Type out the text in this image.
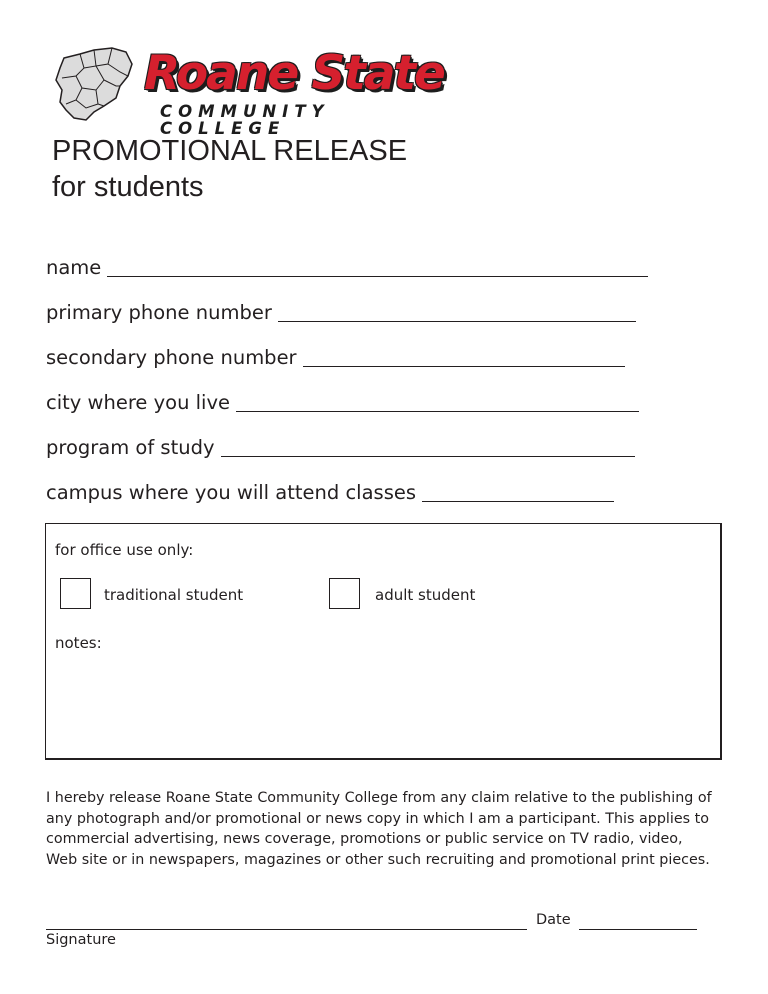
Roane State
COMMUNITY COLLEGE
PROMOTIONAL RELEASE
for students
name
primary phone number
secondary phone number
city where you live
program of study
campus where you will attend classes
for office use only:
traditional student	adult student
notes:

I hereby release Roane State Community College from any claim relative to the publishing of any photograph and/or promotional or news copy in which I am a participant. This applies to commercial advertising, news coverage, promotions or public service on TV radio, video, Web site or in newspapers, magazines or other such recruiting and promotional print pieces.

Signature
Date
